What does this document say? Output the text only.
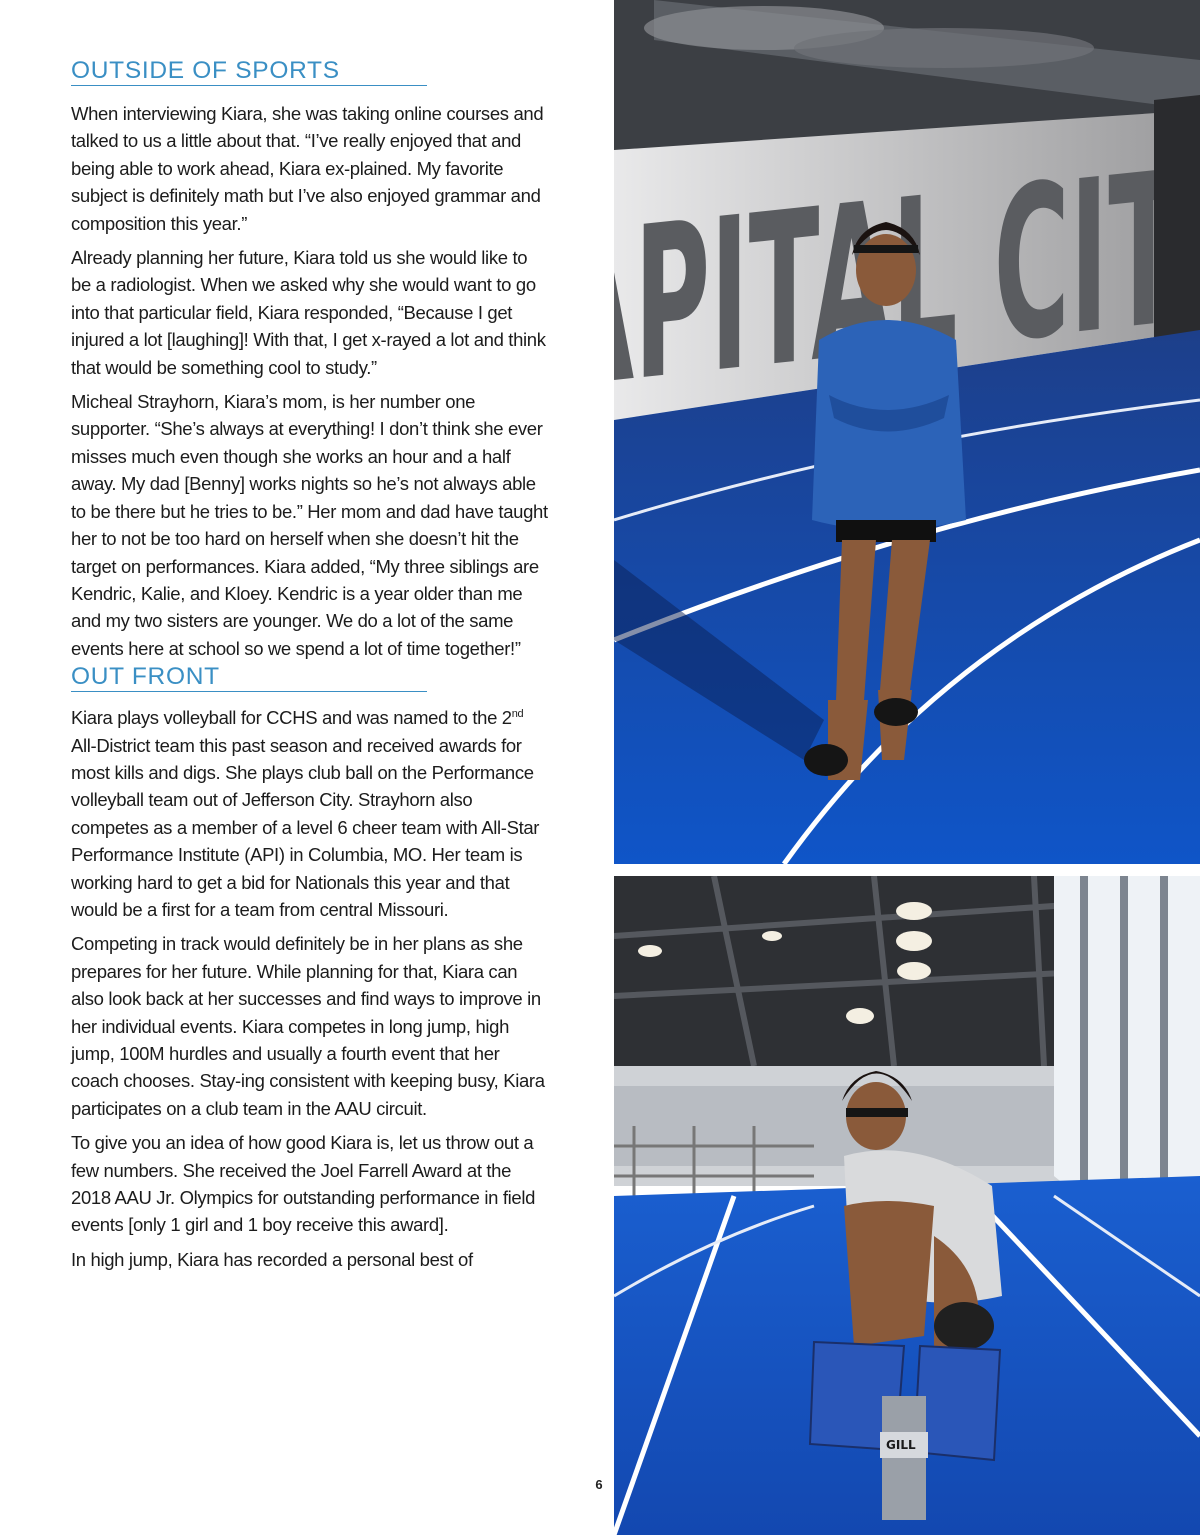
OUTSIDE OF SPORTS

When interviewing Kiara, she was taking online courses and talked to us a little about that. “I’ve really enjoyed that and being able to work ahead, Kiara ex-plained. My favorite subject is definitely math but I’ve also enjoyed grammar and composition this year.”

Already planning her future, Kiara told us she would like to be a radiologist. When we asked why she would want to go into that particular field, Kiara responded, “Because I get injured a lot [laughing]! With that, I get x-rayed a lot and think that would be something cool to study.”

Micheal Strayhorn, Kiara’s mom, is her number one supporter. “She’s always at everything! I don’t think she ever misses much even though she works an hour and a half away. My dad [Benny] works nights so he’s not always able to be there but he tries to be.” Her mom and dad have taught her to not be too hard on herself when she doesn’t hit the target on performances. Kiara added, “My three siblings are Kendric, Kalie, and Kloey. Kendric is a year older than me and my two sisters are younger. We do a lot of the same events here at school so we spend a lot of time together!”

OUT FRONT

Kiara plays volleyball for CCHS and was named to the 2nd All-District team this past season and received awards for most kills and digs. She plays club ball on the Performance volleyball team out of Jefferson City. Strayhorn also competes as a member of a level 6 cheer team with All-Star Performance Institute (API) in Columbia, MO. Her team is working hard to get a bid for Nationals this year and that would be a first for a team from central Missouri.

Competing in track would definitely be in her plans as she prepares for her future. While planning for that, Kiara can also look back at her successes and find ways to improve in her individual events. Kiara competes in long jump, high jump, 100M hurdles and usually a fourth event that her coach chooses. Stay-ing consistent with keeping busy, Kiara participates on a club team in the AAU circuit.

To give you an idea of how good Kiara is, let us throw out a few numbers. She received the Joel Farrell Award at the 2018 AAU Jr. Olympics for outstanding performance in field events [only 1 girl and 1 boy receive this award].

In high jump, Kiara has recorded a personal best of

6
GILL
